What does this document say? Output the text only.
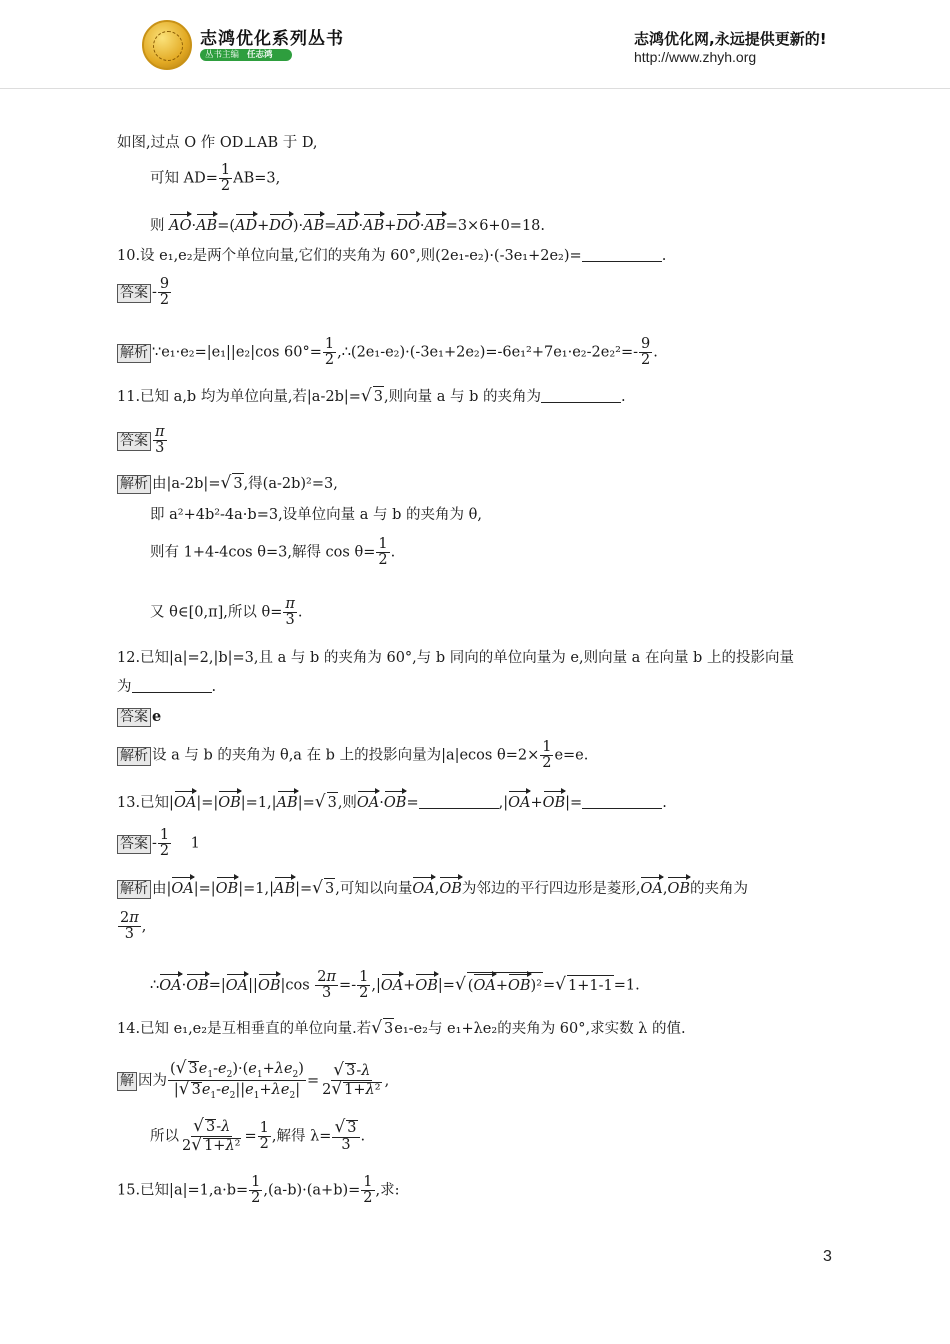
志鸿优化系列丛书
丛书主编 任志鸿
志鸿优化网,永远提供更新的!
http://www.zhyh.org
如图,过点 O 作 OD⊥AB 于 D,
可知 $AD= \frac{1}{2} AB=3$,
则 AO·AB=(AD+DO)·AB=AD·AB+DO·AB=3×6+0=18.
10.设 e₁,e₂是两个单位向量,它们的夹角为 60°,则(2e₁-e₂)·(-3e₁+2e₂)=	.
答案 - $\frac{9}{2}$
解析 ∵e₁·e₂=|e₁||e₂|cos $60^\circ= \frac{1}{2}$ ,∴(2e₁-e₂)·(-3e₁+2e₂)=-6e₁²+7e₁·e₂-2e₂²=- $\frac{9}{2}$ .
11.已知 a,b 均为单位向量,若|a-2b|=√ 3,则向量 a 与 b 的夹角为	.
答案 $\frac{\pi}{3}$
解析 由|a-2b|=√ 3,得(a-2b)²=3,
即 a²+4b²-4a·b=3,设单位向量 a 与 b 的夹角为 θ,
则有 1+4-4cos θ=3,解得 $\cos \theta= \frac{1}{2}$ .
又 θ∈[0,π],所以 $\theta= \frac{\pi}{3}$ .
12.已知|a|=2,|b|=3,且 a 与 b 的夹角为 60°,与 b 同向的单位向量为 e,则向量 a 在向量 b 上的投影向量
为	.
答案 e
解析 设 a 与 b 的夹角为 θ,a 在 b 上的投影向量为|a|ecos $\theta=2\times \frac{1}{2} e=e$.
13.已知|OA|=|OB|=1,|AB|=√ 3,则OA·OB=	,|OA+OB|=	.
答案 - $\frac{1}{2} 1$
解析 由|OA|=|OB|=1,|AB|=√ 3,可知以向量OA,OB为邻边的平行四边形是菱形,OA,OB的夹角为
$\frac{2\pi}{3}$ ,
∴OA·OB=|OA||OB|cos $\frac{2\pi}{3} =- \frac{1}{2} ,|OA+OB|=√$ (OA+OB)²=√ 1+1-1=1.
14.已知 e₁,e₂是互相垂直的单位向量.若√ 3e₁-e₂与 e₁+λe₂的夹角为 60°,求实数 λ 的值.
解 因为 $\frac{(√ 3e_1-e_2)\cdot(e_1+\lambda e_2)}{|√ 3e_1-e_2||e_1+\lambda e_2|} = \frac{√ 3-\lambda}{\text{2√ 1+λ²}}$ ,
所以 $\frac{√ 3-\lambda}{\text{2√ 1+λ²}} = \frac{1}{2}$ ,解得 $\lambda= \frac{√ 3}{3}$ .
15.已知$|a|=1,a\cdot b= \frac{1}{2} ,(a-b)\cdot(a+b)= \frac{1}{2}$ ,求:
3
